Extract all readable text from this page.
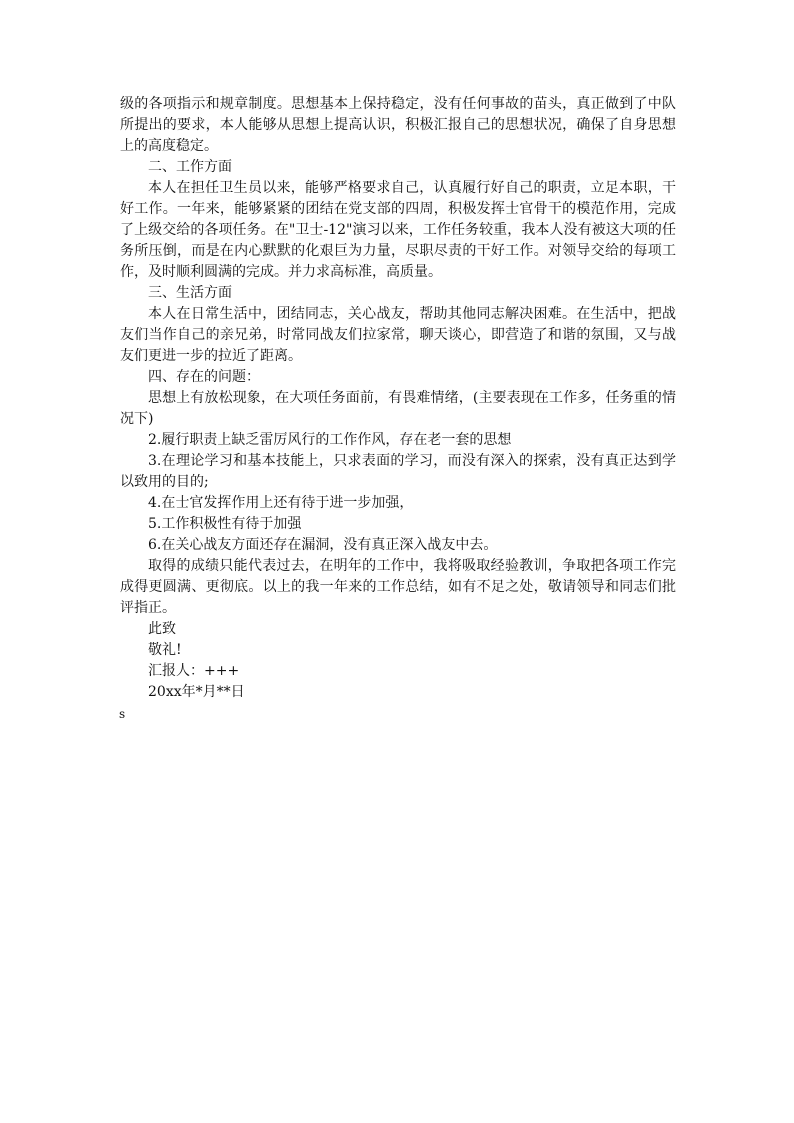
级的各项指示和规章制度。思想基本上保持稳定，没有任何事故的苗头，真正做到了中队所提出的要求，本人能够从思想上提高认识，积极汇报自己的思想状况，确保了自身思想上的高度稳定。

二、工作方面

本人在担任卫生员以来，能够严格要求自己，认真履行好自己的职责，立足本职，干好工作。一年来，能够紧紧的团结在党支部的四周，积极发挥士官骨干的模范作用，完成了上级交给的各项任务。在"卫士-12"演习以来，工作任务较重，我本人没有被这大项的任务所压倒，而是在内心默默的化艰巨为力量，尽职尽责的干好工作。对领导交给的每项工作，及时顺利圆满的完成。并力求高标准，高质量。

三、生活方面

本人在日常生活中，团结同志，关心战友，帮助其他同志解决困难。在生活中，把战友们当作自己的亲兄弟，时常同战友们拉家常，聊天谈心，即营造了和谐的氛围，又与战友们更进一步的拉近了距离。

四、存在的问题：

思想上有放松现象，在大项任务面前，有畏难情绪，(主要表现在工作多，任务重的情况下)

2.履行职责上缺乏雷厉风行的工作作风，存在老一套的思想

3.在理论学习和基本技能上，只求表面的学习，而没有深入的探索，没有真正达到学以致用的目的;

4.在士官发挥作用上还有待于进一步加强，

5.工作积极性有待于加强

6.在关心战友方面还存在漏洞，没有真正深入战友中去。

取得的成绩只能代表过去，在明年的工作中，我将吸取经验教训，争取把各项工作完成得更圆满、更彻底。以上的我一年来的工作总结，如有不足之处，敬请领导和同志们批评指正。

此致

敬礼!

汇报人：+++

20xx年*月**日

s
